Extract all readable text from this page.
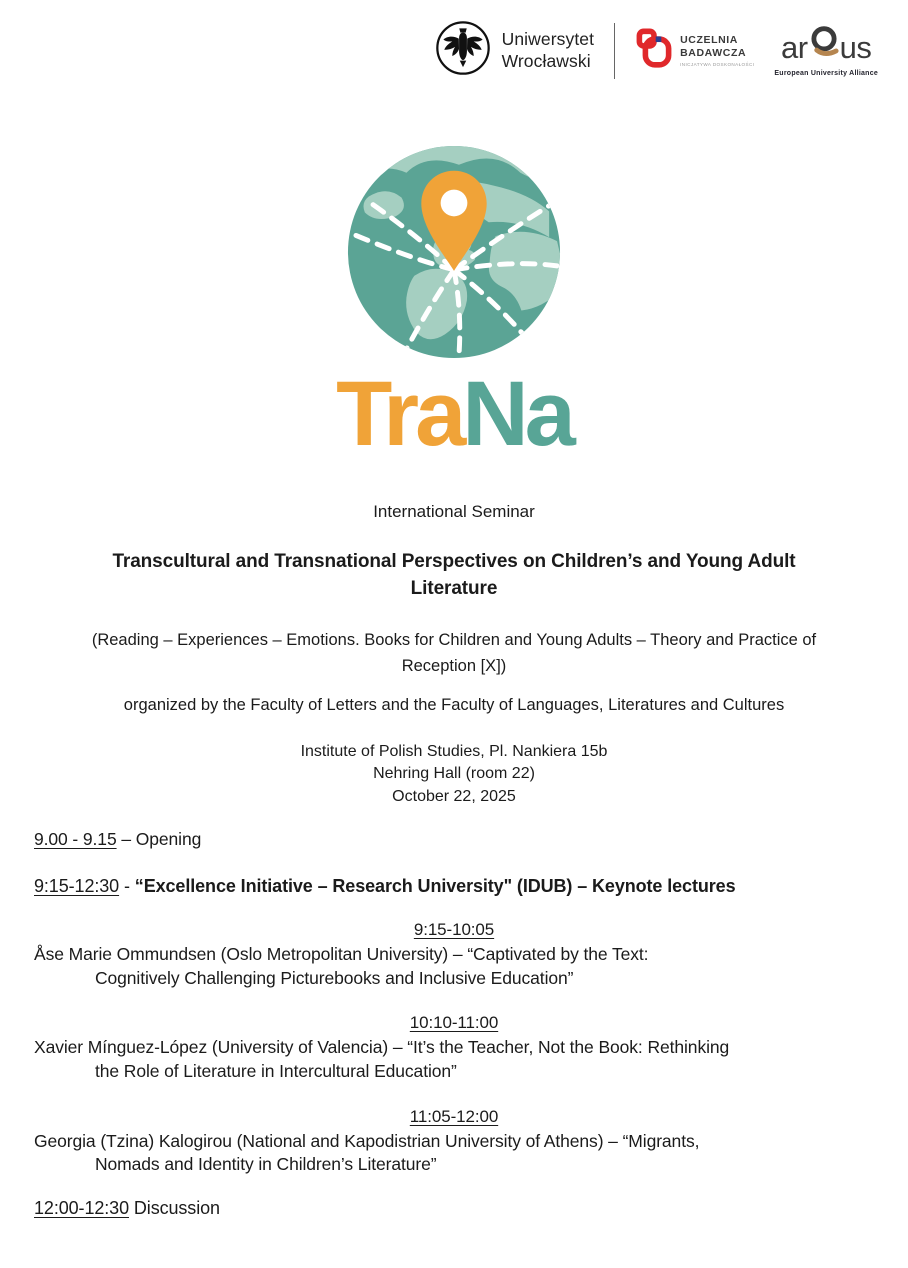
Uniwersytet
Wrocławski
UCZELNIA
BADAWCZA
INICJATYWA DOSKONAŁOŚCI
ar us
European University Alliance
TraNa

International Seminar

Transcultural and Transnational Perspectives on Children’s and Young Adult
Literature

(Reading – Experiences – Emotions. Books for Children and Young Adults – Theory and Practice of
Reception [X])

organized by the Faculty of Letters and the Faculty of Languages, Literatures and Cultures

Institute of Polish Studies, Pl. Nankiera 15b
Nehring Hall (room 22)
October 22, 2025

9.00 - 9.15 – Opening

9:15-12:30 - “Excellence Initiative – Research University" (IDUB) – Keynote lectures

9:15-10:05
Åse Marie Ommundsen (Oslo Metropolitan University) – “Captivated by the Text:
Cognitively Challenging Picturebooks and Inclusive Education”
10:10-11:00
Xavier Mínguez-López (University of Valencia) – “It’s the Teacher, Not the Book: Rethinking
the Role of Literature in Intercultural Education”
11:05-12:00
Georgia (Tzina) Kalogirou (National and Kapodistrian University of Athens) – “Migrants,
Nomads and Identity in Children’s Literature”

12:00-12:30 Discussion
